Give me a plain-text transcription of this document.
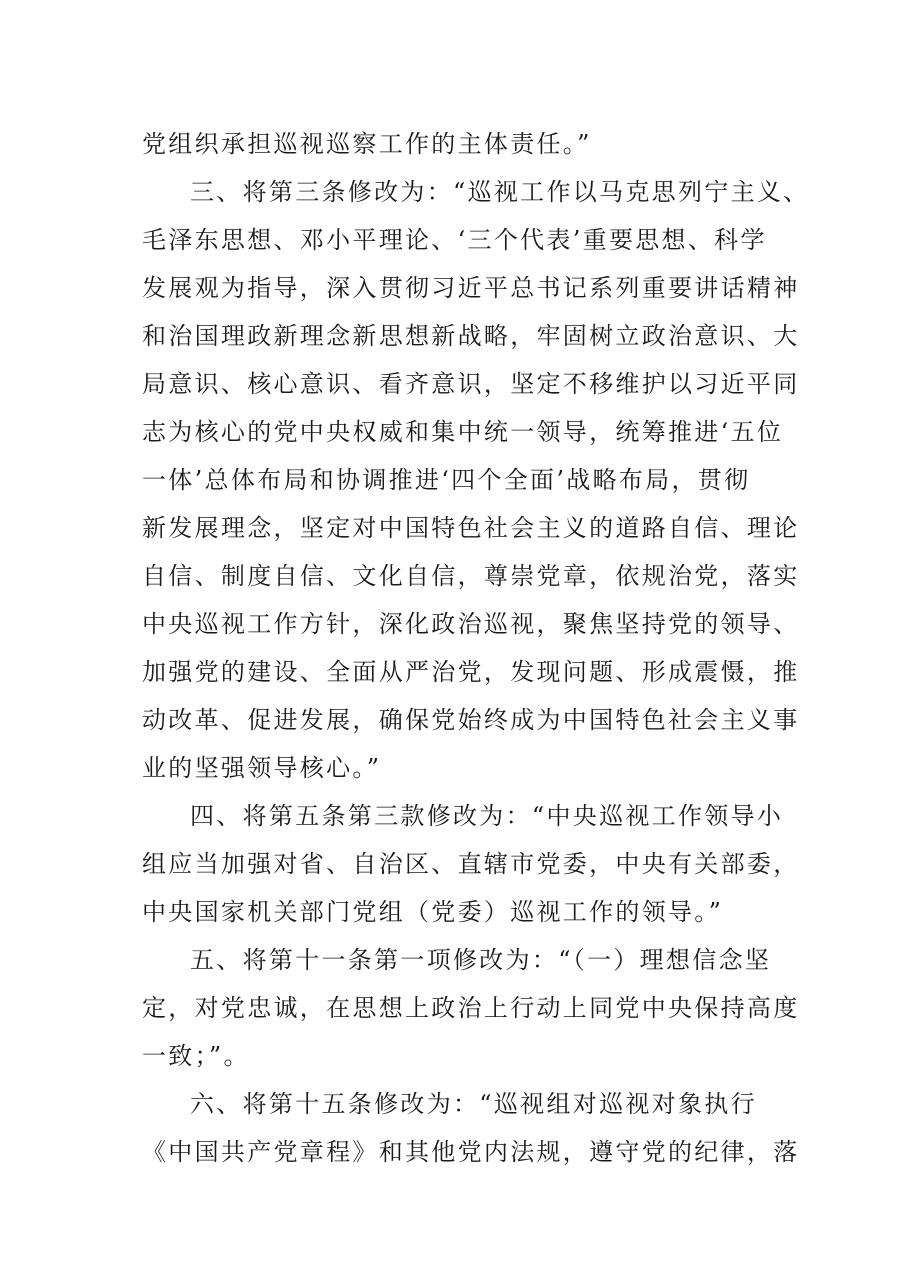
党组织承担巡视巡察工作的主体责任。”
三、将第三条修改为：“巡视工作以马克思列宁主义、
毛泽东思想、邓小平理论、‘三个代表’重要思想、科学
发展观为指导，深入贯彻习近平总书记系列重要讲话精神
和治国理政新理念新思想新战略，牢固树立政治意识、大
局意识、核心意识、看齐意识，坚定不移维护以习近平同
志为核心的党中央权威和集中统一领导，统筹推进‘五位
一体’总体布局和协调推进‘四个全面’战略布局，贯彻
新发展理念，坚定对中国特色社会主义的道路自信、理论
自信、制度自信、文化自信，尊崇党章，依规治党，落实
中央巡视工作方针，深化政治巡视，聚焦坚持党的领导、
加强党的建设、全面从严治党，发现问题、形成震慑，推
动改革、促进发展，确保党始终成为中国特色社会主义事
业的坚强领导核心。”
四、将第五条第三款修改为：“中央巡视工作领导小
组应当加强对省、自治区、直辖市党委，中央有关部委，
中央国家机关部门党组（党委）巡视工作的领导。”
五、将第十一条第一项修改为：“（一）理想信念坚
定，对党忠诚，在思想上政治上行动上同党中央保持高度
一致；”。
六、将第十五条修改为：“巡视组对巡视对象执行
《中国共产党章程》和其他党内法规，遵守党的纪律，落
